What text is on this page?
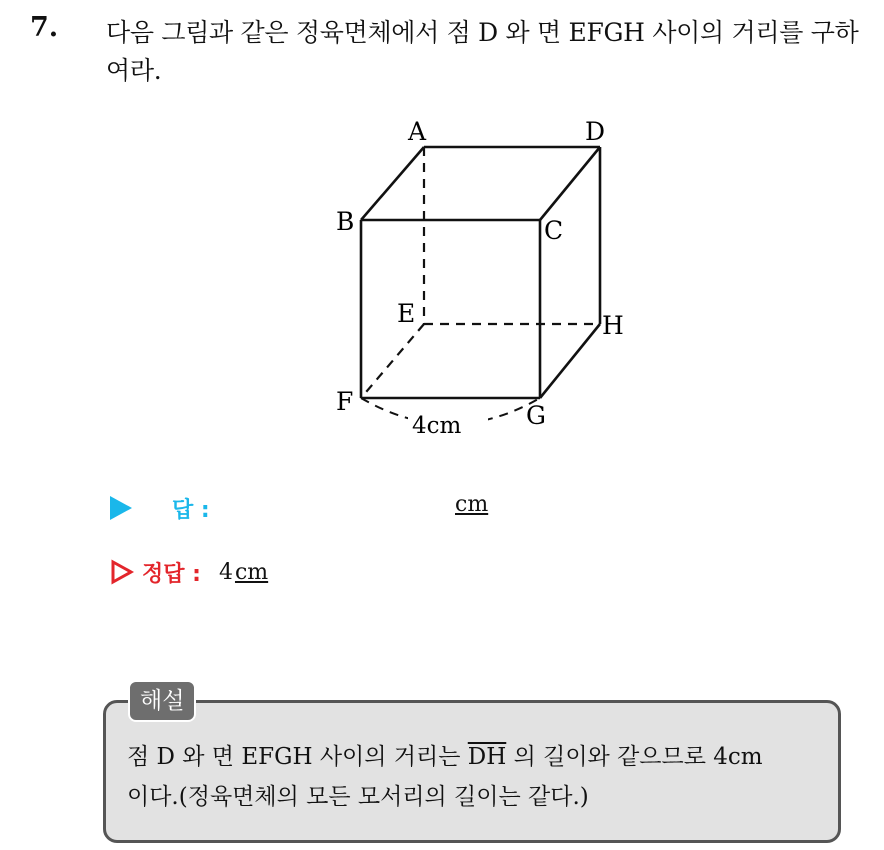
7. 다음 그림과 같은 정육면체에서 점 D 와 면 EFGH 사이의 거리를 구하여라.
A	D
B	C
E	H
F	G
4cm
답 :	cm
정답 : 4cm
해설
점 D 와 면 EFGH 사이의 거리는 $\overline{DH}$ 의 길이와 같으므로 4cm
이다.(정육면체의 모든 모서리의 길이는 같다.)
